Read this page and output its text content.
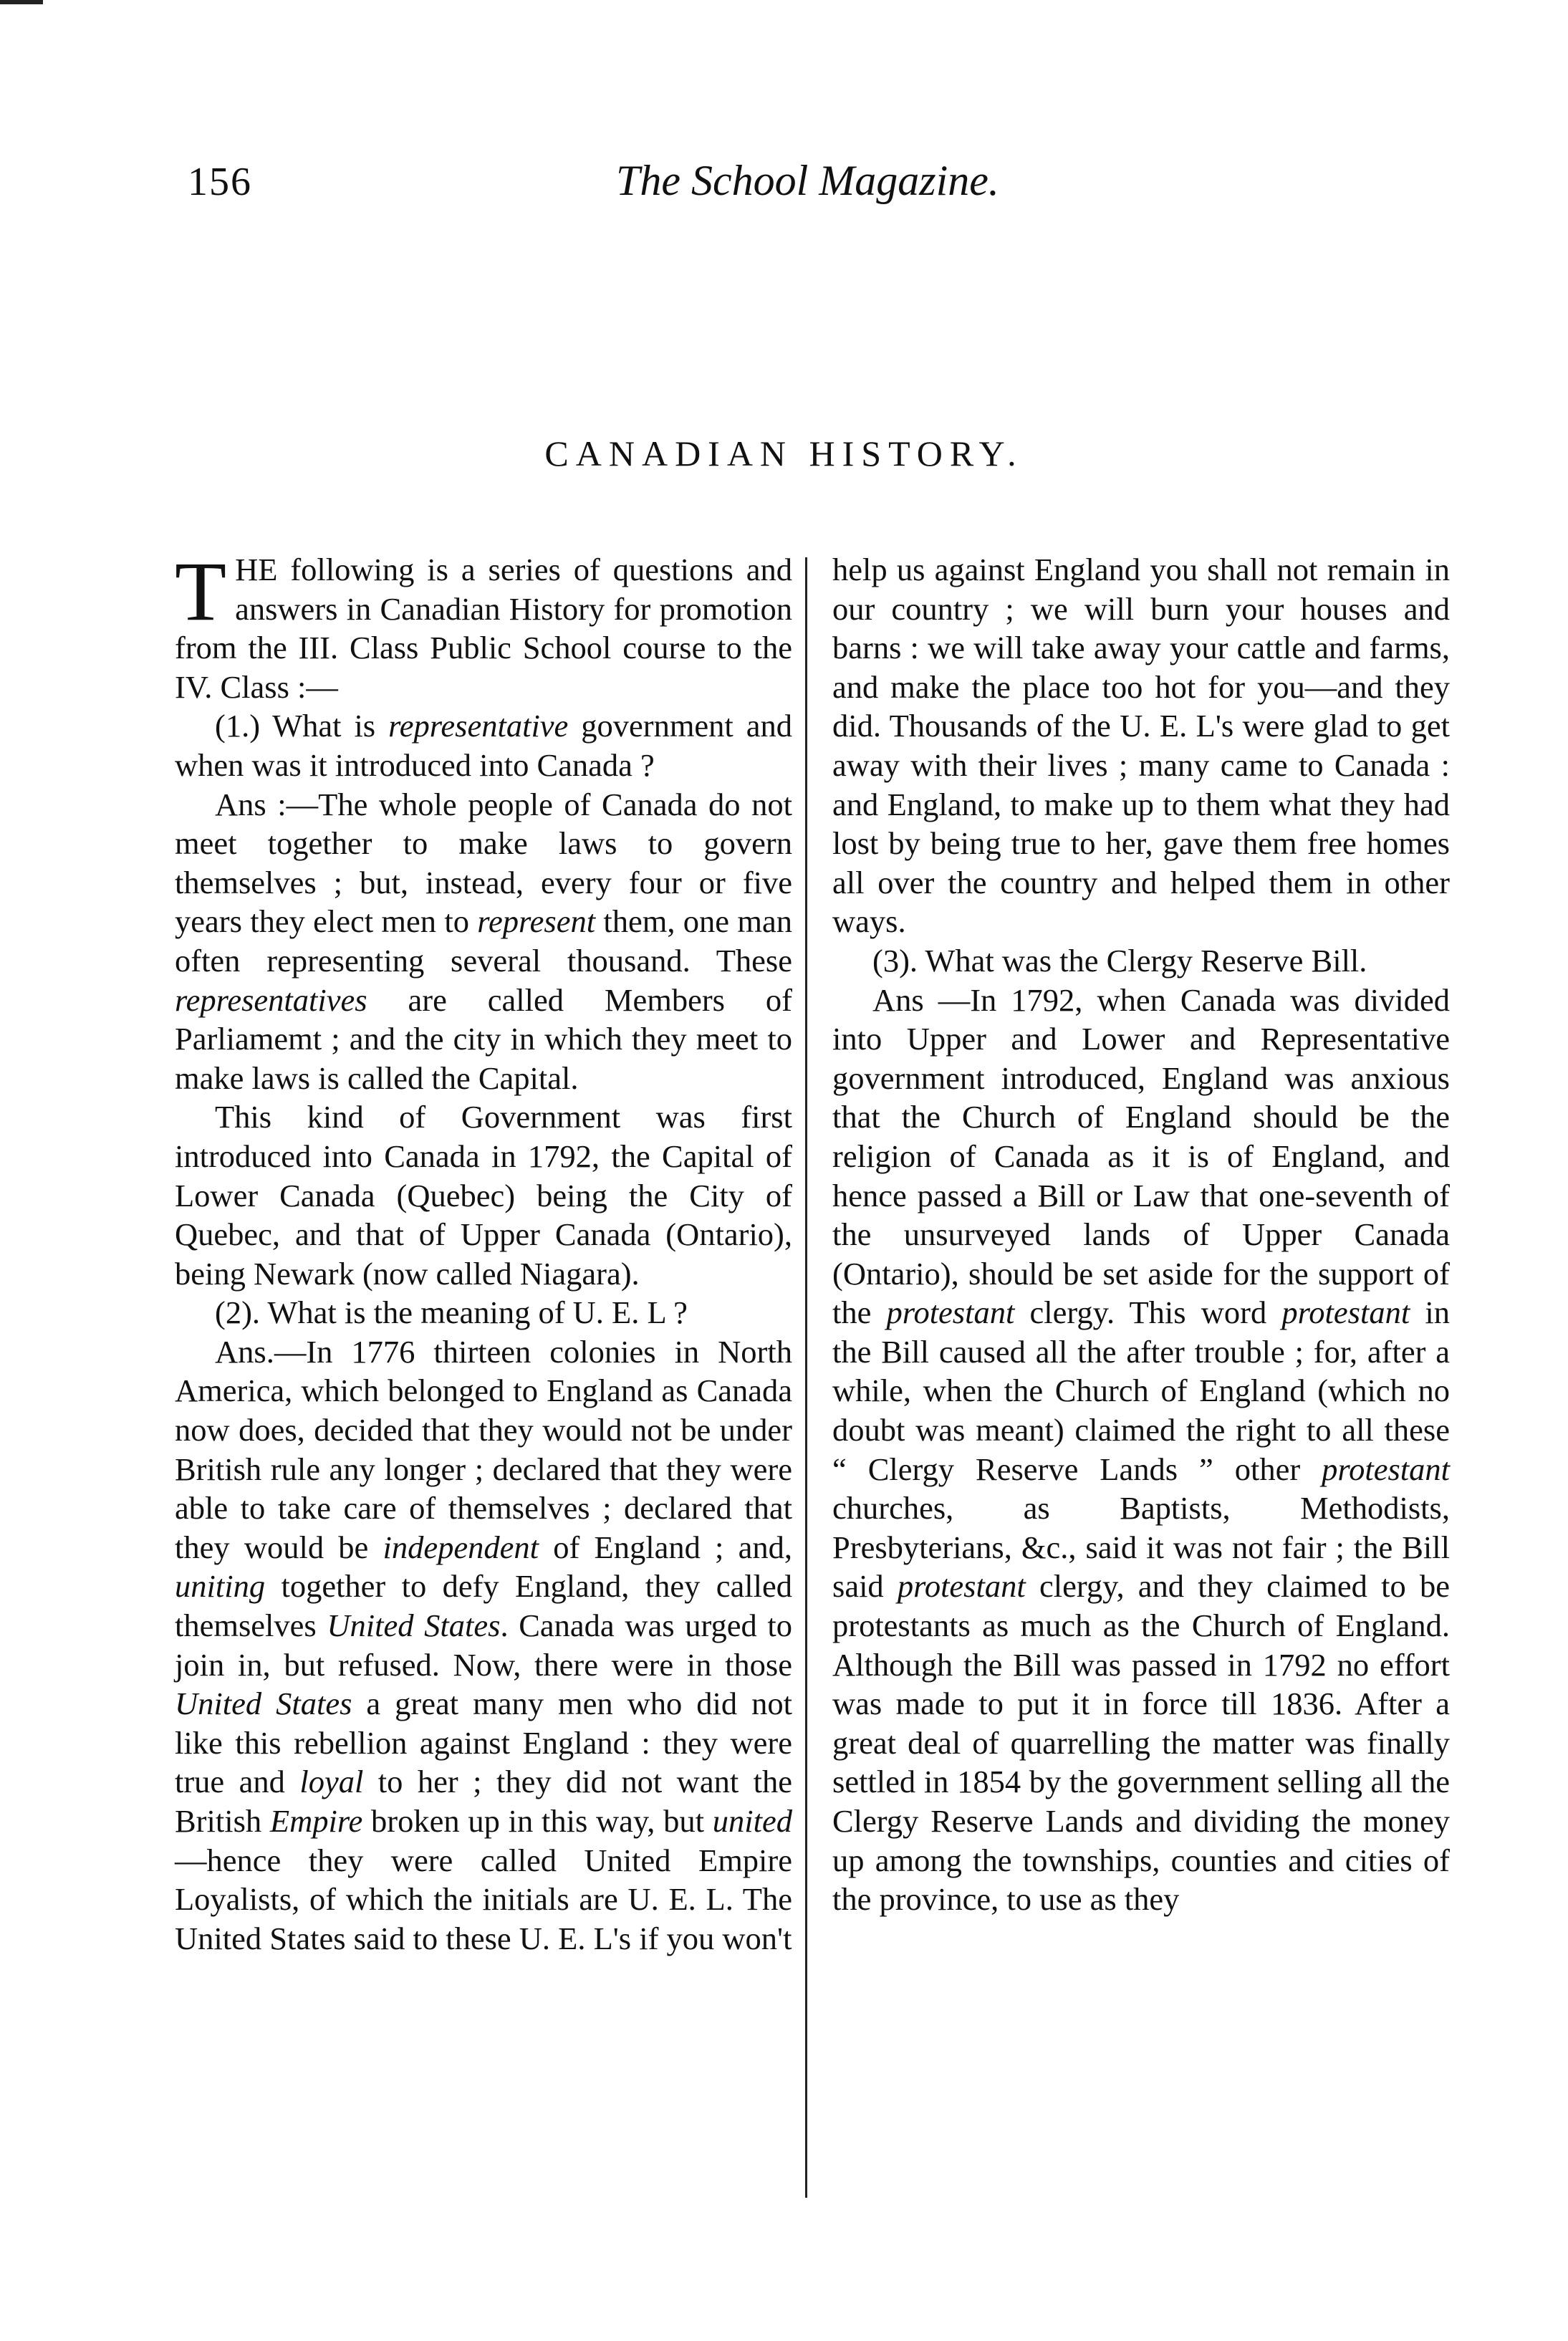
156	The School Magazine.
CANADIAN HISTORY.

THE following is a series of questions and answers in Canadian History for promotion from the III. Class Public School course to the IV. Class :—

(1.) What is representative government and when was it introduced into Canada ?

Ans :—The whole people of Canada do not meet together to make laws to govern themselves ; but, instead, every four or five years they elect men to represent them, one man often representing several thousand. These representatives are called Members of Parliamemt ; and the city in which they meet to make laws is called the Capital.

This kind of Government was first introduced into Canada in 1792, the Capital of Lower Canada (Quebec) being the City of Quebec, and that of Upper Canada (Ontario), being Newark (now called Niagara).

(2). What is the meaning of U. E. L ?

Ans.—In 1776 thirteen colonies in North America, which belonged to England as Canada now does, decided that they would not be under British rule any longer ; declared that they were able to take care of themselves ; declared that they would be independent of England ; and, uniting together to defy England, they called themselves United States. Canada was urged to join in, but refused. Now, there were in those United States a great many men who did not like this rebellion against England : they were true and loyal to her ; they did not want the British Empire broken up in this way, but united—hence they were called United Empire Loyalists, of which the initials are U. E. L. The United States said to these U. E. L's if you won't

help us against England you shall not remain in our country ; we will burn your houses and barns : we will take away your cattle and farms, and make the place too hot for you—and they did. Thousands of the U. E. L's were glad to get away with their lives ; many came to Canada : and England, to make up to them what they had lost by being true to her, gave them free homes all over the country and helped them in other ways.

(3). What was the Clergy Reserve Bill.

Ans —In 1792, when Canada was divided into Upper and Lower and Representative government introduced, England was anxious that the Church of England should be the religion of Canada as it is of England, and hence passed a Bill or Law that one-seventh of the unsurveyed lands of Upper Canada (Ontario), should be set aside for the support of the protestant clergy. This word protestant in the Bill caused all the after trouble ; for, after a while, when the Church of England (which no doubt was meant) claimed the right to all these “ Clergy Reserve Lands ” other protestant churches, as Baptists, Methodists, Presbyterians, &c., said it was not fair ; the Bill said protestant clergy, and they claimed to be protestants as much as the Church of England. Although the Bill was passed in 1792 no effort was made to put it in force till 1836. After a great deal of quarrelling the matter was finally settled in 1854 by the government selling all the Clergy Reserve Lands and dividing the money up among the townships, counties and cities of the province, to use as they
